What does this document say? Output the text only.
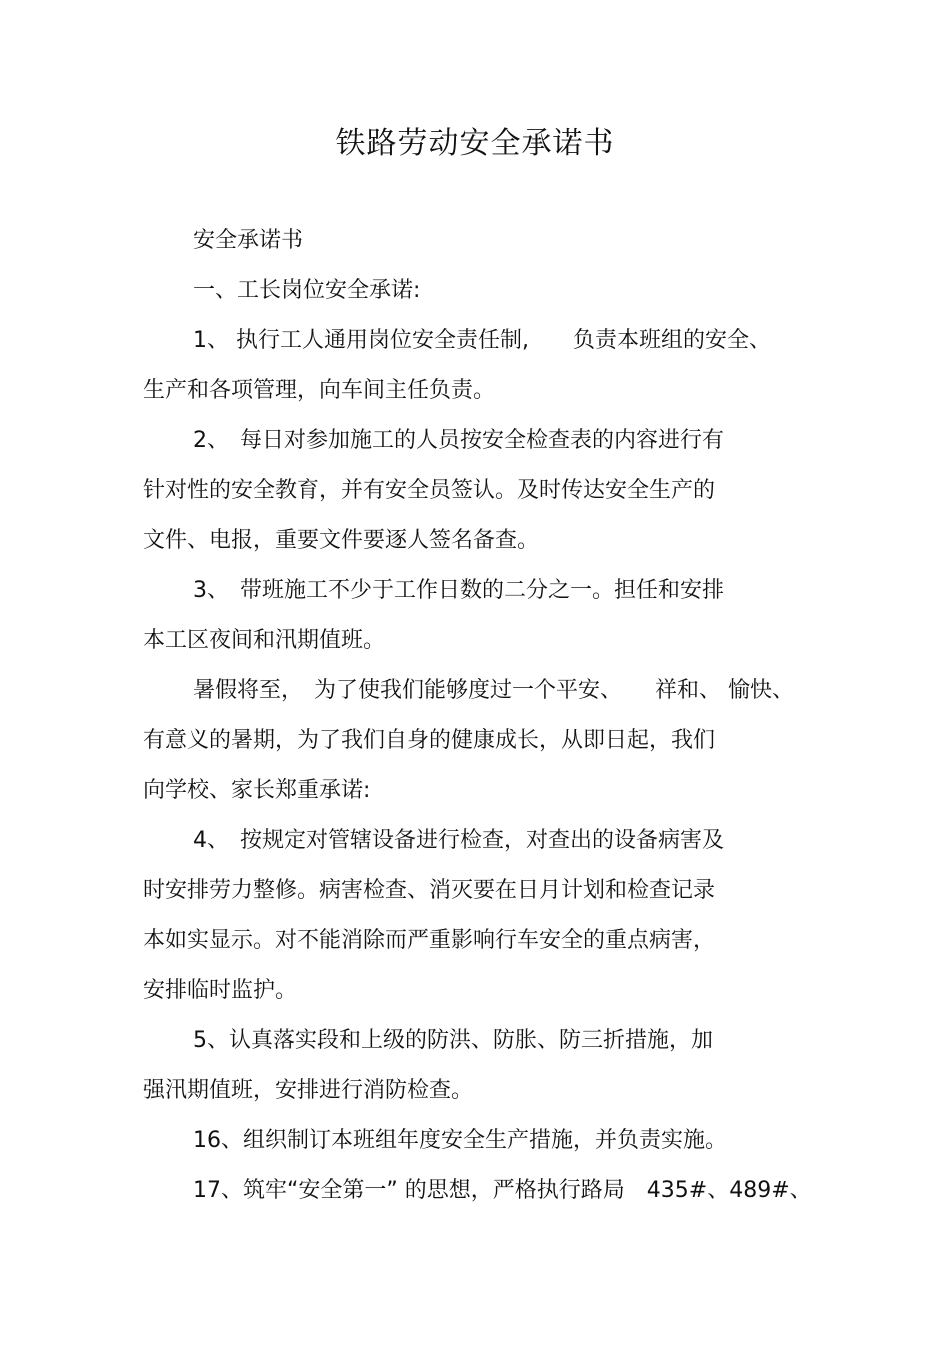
铁路劳动安全承诺书
安全承诺书
一、工长岗位安全承诺:
1、 执行工人通用岗位安全责任制,　　负责本班组的安全、
生产和各项管理，向车间主任负责。
2、　每日对参加施工的人员按安全检查表的内容进行有
针对性的安全教育，并有安全员签认。及时传达安全生产的
文件、电报，重要文件要逐人签名备查。
3、　带班施工不少于工作日数的二分之一。担任和安排
本工区夜间和汛期值班。
暑假将至，　为了使我们能够度过一个平安、　　祥和、 愉快、
有意义的暑期，为了我们自身的健康成长，从即日起，我们
向学校、家长郑重承诺:
4、　按规定对管辖设备进行检查，对查出的设备病害及
时安排劳力整修。病害检查、消灭要在日月计划和检查记录
本如实显示。对不能消除而严重影响行车安全的重点病害，
安排临时监护。
5、认真落实段和上级的防洪、防胀、防三折措施，加
强汛期值班，安排进行消防检查。
16、组织制订本班组年度安全生产措施，并负责实施。
17、筑牢“安全第一” 的思想，严格执行路局　435#、489#、
